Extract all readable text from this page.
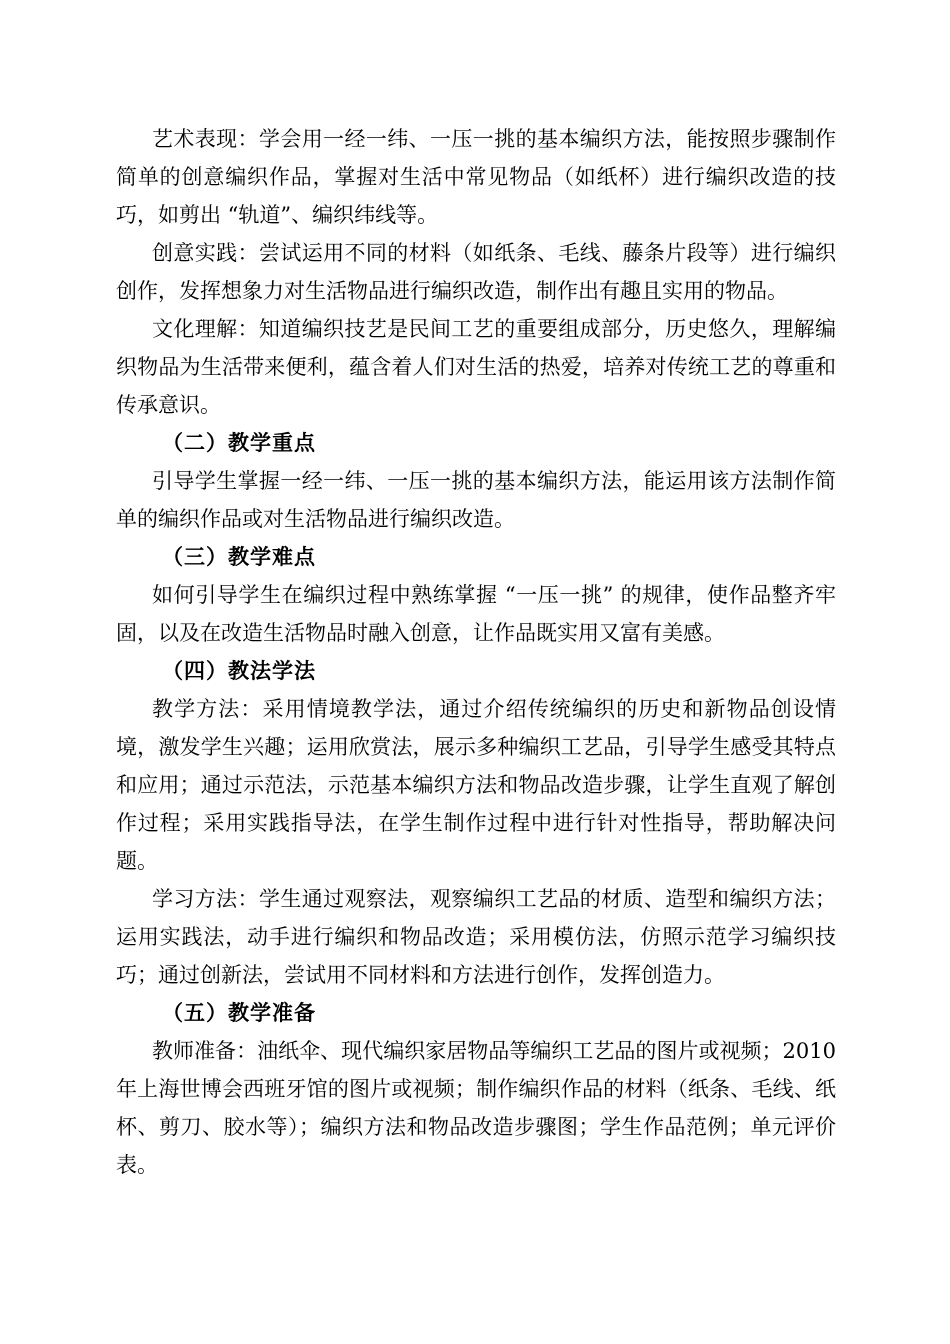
艺术表现：学会用一经一纬、一压一挑的基本编织方法，能按照步骤制作简单的创意编织作品，掌握对生活中常见物品（如纸杯）进行编织改造的技巧，如剪出 “轨道”、编织纬线等。

创意实践：尝试运用不同的材料（如纸条、毛线、藤条片段等）进行编织创作，发挥想象力对生活物品进行编织改造，制作出有趣且实用的物品。

文化理解：知道编织技艺是民间工艺的重要组成部分，历史悠久，理解编织物品为生活带来便利，蕴含着人们对生活的热爱，培养对传统工艺的尊重和传承意识。

（二）教学重点

引导学生掌握一经一纬、一压一挑的基本编织方法，能运用该方法制作简单的编织作品或对生活物品进行编织改造。

（三）教学难点

如何引导学生在编织过程中熟练掌握 “一压一挑” 的规律，使作品整齐牢固，以及在改造生活物品时融入创意，让作品既实用又富有美感。

（四）教法学法

教学方法：采用情境教学法，通过介绍传统编织的历史和新物品创设情境，激发学生兴趣；运用欣赏法，展示多种编织工艺品，引导学生感受其特点和应用；通过示范法，示范基本编织方法和物品改造步骤，让学生直观了解创作过程；采用实践指导法，在学生制作过程中进行针对性指导，帮助解决问题。

学习方法：学生通过观察法，观察编织工艺品的材质、造型和编织方法；运用实践法，动手进行编织和物品改造；采用模仿法，仿照示范学习编织技巧；通过创新法，尝试用不同材料和方法进行创作，发挥创造力。

（五）教学准备

教师准备：油纸伞、现代编织家居物品等编织工艺品的图片或视频；2010 年上海世博会西班牙馆的图片或视频；制作编织作品的材料（纸条、毛线、纸杯、剪刀、胶水等）；编织方法和物品改造步骤图；学生作品范例；单元评价表。
